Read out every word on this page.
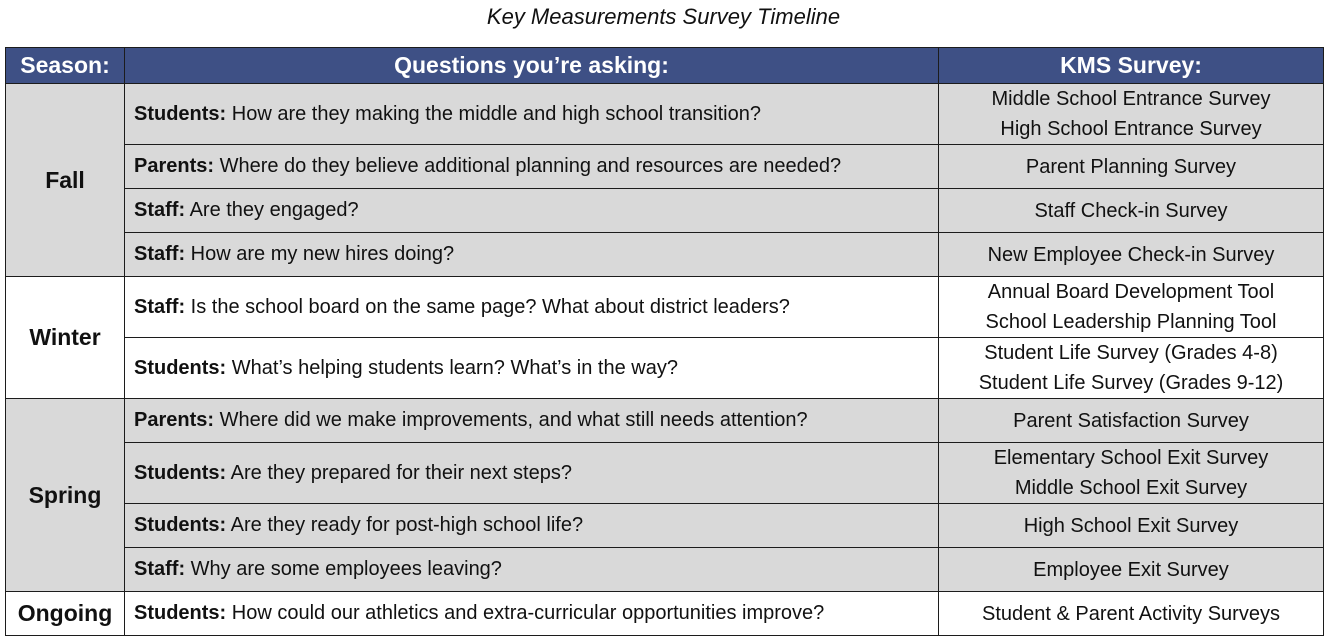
Key Measurements Survey Timeline
Season:	Questions you’re asking:	KMS Survey:
Fall	Students: How are they making the middle and high school transition?	Middle School Entrance Survey
High School Entrance Survey

	Parents: Where do they believe additional planning and resources are needed?	Parent Planning Survey

	Staff: Are they engaged?	Staff Check-in Survey

	Staff: How are my new hires doing?	New Employee Check-in Survey

Winter	Staff: Is the school board on the same page? What about district leaders?	Annual Board Development Tool
School Leadership Planning Tool

	Students: What’s helping students learn? What’s in the way?	Student Life Survey (Grades 4-8)
Student Life Survey (Grades 9-12)

Spring	Parents: Where did we make improvements, and what still needs attention?	Parent Satisfaction Survey

	Students: Are they prepared for their next steps?	Elementary School Exit Survey
Middle School Exit Survey

	Students: Are they ready for post-high school life?	High School Exit Survey

	Staff: Why are some employees leaving?	Employee Exit Survey

Ongoing	Students: How could our athletics and extra-curricular opportunities improve?	Student & Parent Activity Surveys
